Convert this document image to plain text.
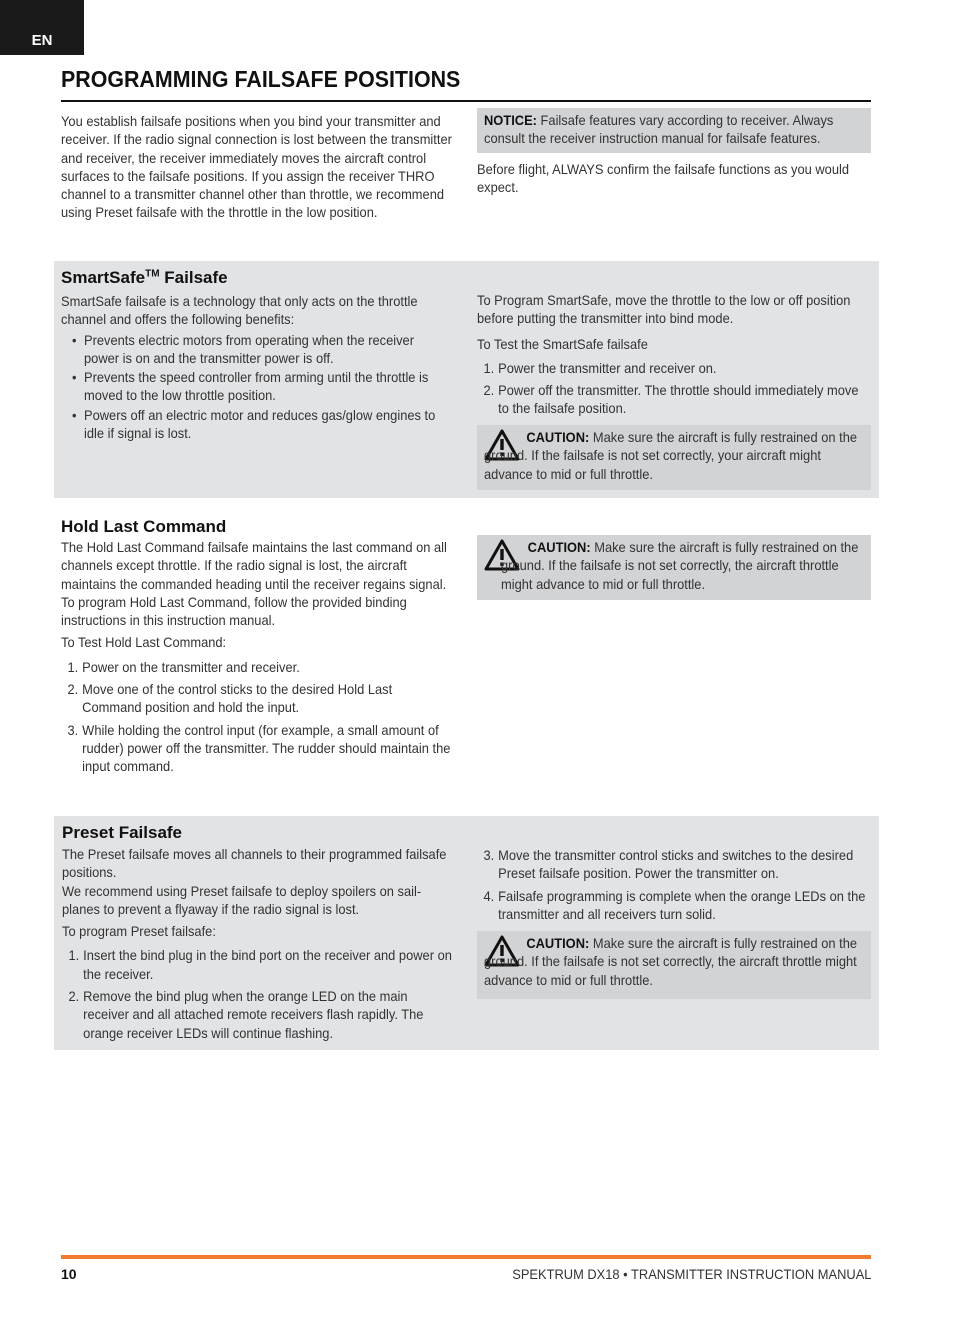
EN
PROGRAMMING FAILSAFE POSITIONS
You establish failsafe positions when you bind your transmitter and receiver. If the radio signal connection is lost between the transmitter and receiver, the receiver immediately moves the aircraft control surfaces to the failsafe positions. If you assign the receiver THRO channel to a transmitter channel other than throttle, we recommend using Preset failsafe with the throttle in the low position.
NOTICE: Failsafe features vary according to receiver. Always consult the receiver instruction manual for failsafe features.
Before flight, ALWAYS confirm the failsafe functions as you would expect.
SmartSafe™ Failsafe
SmartSafe failsafe is a technology that only acts on the throttle channel and offers the following benefits:
• Prevents electric motors from operating when the receiver power is on and the transmitter power is off.
• Prevents the speed controller from arming until the throttle is moved to the low throttle position.
• Powers off an electric motor and reduces gas/glow engines to idle if signal is lost.
To Program SmartSafe, move the throttle to the low or off position before putting the transmitter into bind mode.
To Test the SmartSafe failsafe
1. Power the transmitter and receiver on.
2. Power off the transmitter. The throttle should immediately move to the failsafe position.
CAUTION: Make sure the aircraft is fully restrained on the ground. If the failsafe is not set correctly, your aircraft might advance to mid or full throttle.
Hold Last Command
The Hold Last Command failsafe maintains the last command on all channels except throttle. If the radio signal is lost, the aircraft maintains the commanded heading until the receiver regains signal.
To program Hold Last Command, follow the provided binding instructions in this instruction manual.
To Test Hold Last Command:
1. Power on the transmitter and receiver.
2. Move one of the control sticks to the desired Hold Last Command position and hold the input.
3. While holding the control input (for example, a small amount of rudder) power off the transmitter. The rudder should maintain the input command.
CAUTION: Make sure the aircraft is fully restrained on the ground. If the failsafe is not set correctly, the aircraft throttle might advance to mid or full throttle.
Preset Failsafe
The Preset failsafe moves all channels to their programmed failsafe positions.
We recommend using Preset failsafe to deploy spoilers on sail-planes to prevent a flyaway if the radio signal is lost.
To program Preset failsafe:
1. Insert the bind plug in the bind port on the receiver and power on the receiver.
2. Remove the bind plug when the orange LED on the main receiver and all attached remote receivers flash rapidly. The orange receiver LEDs will continue flashing.
3. Move the transmitter control sticks and switches to the desired Preset failsafe position. Power the transmitter on.
4. Failsafe programming is complete when the orange LEDs on the transmitter and all receivers turn solid.
CAUTION: Make sure the aircraft is fully restrained on the ground. If the failsafe is not set correctly, the aircraft throttle might advance to mid or full throttle.
10	SPEKTRUM DX18 • TRANSMITTER INSTRUCTION MANUAL
